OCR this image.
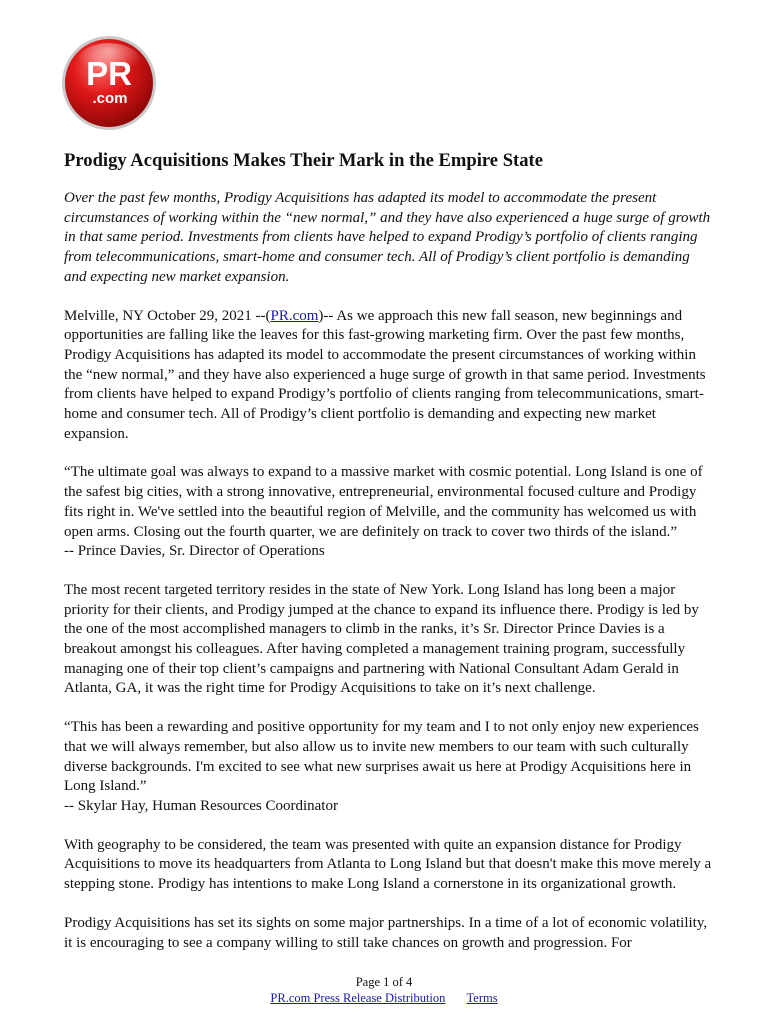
PR
.com
Prodigy Acquisitions Makes Their Mark in the Empire State

Over the past few months, Prodigy Acquisitions has adapted its model to accommodate the present circumstances of working within the “new normal,” and they have also experienced a huge surge of growth in that same period. Investments from clients have helped to expand Prodigy’s portfolio of clients ranging from telecommunications, smart-home and consumer tech. All of Prodigy’s client portfolio is demanding and expecting new market expansion.

Melville, NY October 29, 2021 --(PR.com)-- As we approach this new fall season, new beginnings and opportunities are falling like the leaves for this fast-growing marketing firm. Over the past few months, Prodigy Acquisitions has adapted its model to accommodate the present circumstances of working within the “new normal,” and they have also experienced a huge surge of growth in that same period. Investments from clients have helped to expand Prodigy’s portfolio of clients ranging from telecommunications, smart-home and consumer tech. All of Prodigy’s client portfolio is demanding and expecting new market expansion.

“The ultimate goal was always to expand to a massive market with cosmic potential. Long Island is one of the safest big cities, with a strong innovative, entrepreneurial, environmental focused culture and Prodigy fits right in. We've settled into the beautiful region of Melville, and the community has welcomed us with open arms. Closing out the fourth quarter, we are definitely on track to cover two thirds of the island.”
-- Prince Davies, Sr. Director of Operations

The most recent targeted territory resides in the state of New York. Long Island has long been a major priority for their clients, and Prodigy jumped at the chance to expand its influence there. Prodigy is led by the one of the most accomplished managers to climb in the ranks, it’s Sr. Director Prince Davies is a breakout amongst his colleagues. After having completed a management training program, successfully managing one of their top client’s campaigns and partnering with National Consultant Adam Gerald in Atlanta, GA, it was the right time for Prodigy Acquisitions to take on it’s next challenge.

“This has been a rewarding and positive opportunity for my team and I to not only enjoy new experiences that we will always remember, but also allow us to invite new members to our team with such culturally diverse backgrounds. I'm excited to see what new surprises await us here at Prodigy Acquisitions here in Long Island.”
-- Skylar Hay, Human Resources Coordinator

With geography to be considered, the team was presented with quite an expansion distance for Prodigy Acquisitions to move its headquarters from Atlanta to Long Island but that doesn't make this move merely a stepping stone. Prodigy has intentions to make Long Island a cornerstone in its organizational growth.

Prodigy Acquisitions has set its sights on some major partnerships. In a time of a lot of economic volatility, it is encouraging to see a company willing to still take chances on growth and progression. For

Page 1 of 4
PR.com Press Release Distribution Terms
